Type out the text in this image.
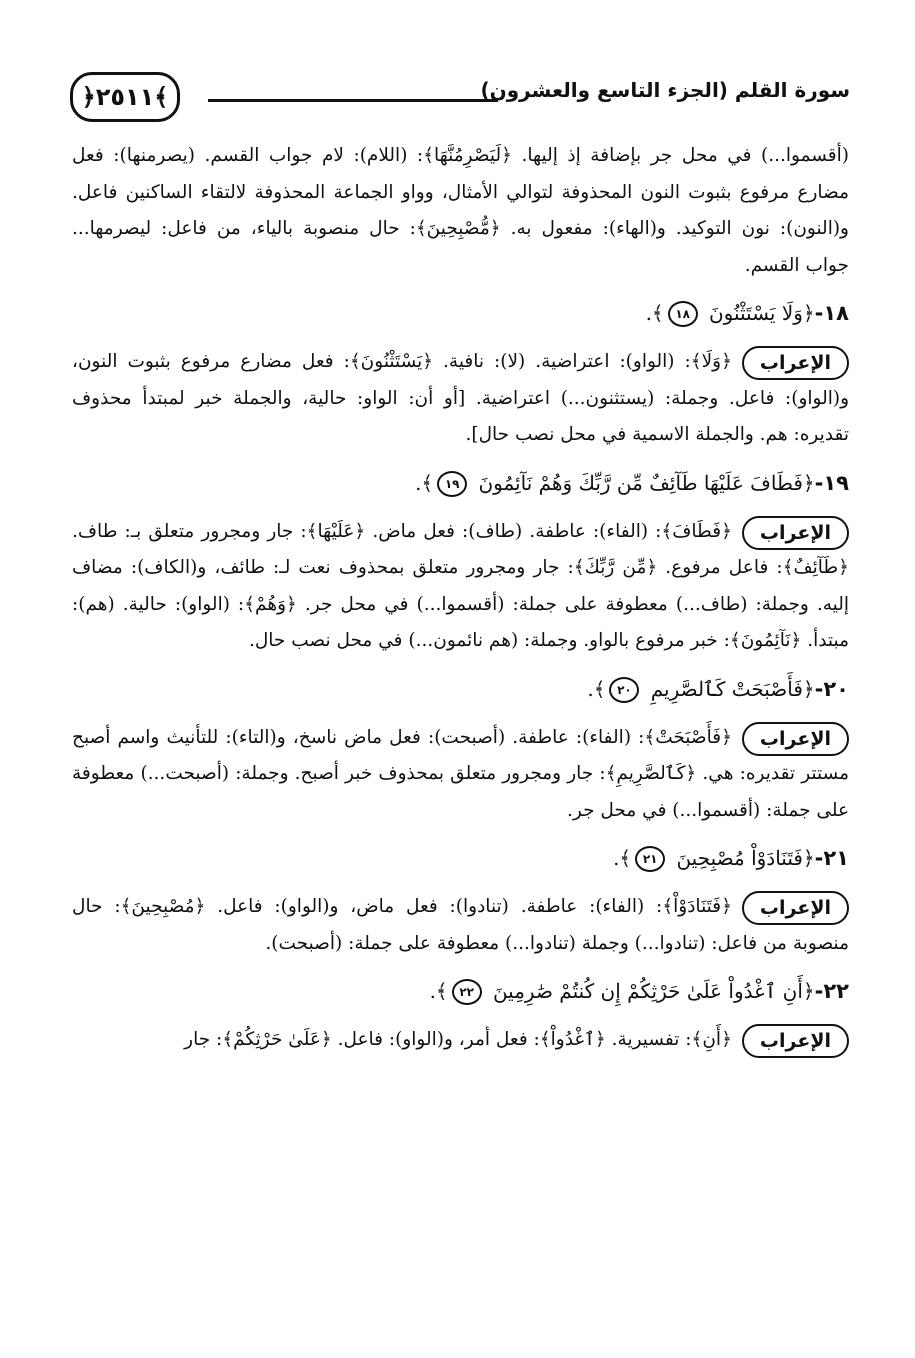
﴿٢٥١١﴾	سورة القلم (الجزء التاسع والعشرون)

(أقسموا...) في محل جر بإضافة إذ إليها. ﴿لَيَصْرِمُنَّهَا﴾: (اللام): لام جواب القسم. (يصرمنها): فعل مضارع مرفوع بثبوت النون المحذوفة لتوالي الأمثال، وواو الجماعة المحذوفة لالتقاء الساكنين فاعل. و(النون): نون التوكيد. و(الهاء): مفعول به. ﴿مُّصْبِحِينَ﴾: حال منصوبة بالياء، من فاعل: ليصرمها... جواب القسم.

١٨-﴿وَلَا يَسْتَثْنُونَ ١٨﴾.
الإعراب

﴿وَلَا﴾: (الواو): اعتراضية. (لا): نافية. ﴿يَسْتَثْنُونَ﴾: فعل مضارع مرفوع بثبوت النون، و(الواو): فاعل. وجملة: (يستثنون...) اعتراضية. [أو أن: الواو: حالية، والجملة خبر لمبتدأ محذوف تقديره: هم. والجملة الاسمية في محل نصب حال].

١٩-﴿فَطَافَ عَلَيْهَا طَآئِفٌ مِّن رَّبِّكَ وَهُمْ نَآئِمُونَ ١٩﴾.
الإعراب

﴿فَطَافَ﴾: (الفاء): عاطفة. (طاف): فعل ماض. ﴿عَلَيْهَا﴾: جار ومجرور متعلق بـ: طاف. ﴿طَآئِفٌ﴾: فاعل مرفوع. ﴿مِّن رَّبِّكَ﴾: جار ومجرور متعلق بمحذوف نعت لـ: طائف، و(الكاف): مضاف إليه. وجملة: (طاف...) معطوفة على جملة: (أقسموا...) في محل جر. ﴿وَهُمْ﴾: (الواو): حالية. (هم): مبتدأ. ﴿نَآئِمُونَ﴾: خبر مرفوع بالواو. وجملة: (هم نائمون...) في محل نصب حال.

٢٠-﴿فَأَصْبَحَتْ كَٱلصَّرِيمِ ٢٠﴾.
الإعراب

﴿فَأَصْبَحَتْ﴾: (الفاء): عاطفة. (أصبحت): فعل ماض ناسخ، و(التاء): للتأنيث واسم أصبح مستتر تقديره: هي. ﴿كَٱلصَّرِيمِ﴾: جار ومجرور متعلق بمحذوف خبر أصبح. وجملة: (أصبحت...) معطوفة على جملة: (أقسموا...) في محل جر.

٢١-﴿فَتَنَادَوْاْ مُصْبِحِينَ ٢١﴾.
الإعراب

﴿فَتَنَادَوْاْ﴾: (الفاء): عاطفة. (تنادوا): فعل ماض، و(الواو): فاعل. ﴿مُصْبِحِينَ﴾: حال منصوبة من فاعل: (تنادوا...) وجملة (تنادوا...) معطوفة على جملة: (أصبحت).

٢٢-﴿أَنِ ٱغْدُواْ عَلَىٰ حَرْثِكُمْ إِن كُنتُمْ صَٰرِمِينَ ٢٢﴾.
الإعراب

﴿أَنِ﴾: تفسيرية. ﴿ٱغْدُواْ﴾: فعل أمر، و(الواو): فاعل. ﴿عَلَىٰ حَرْثِكُمْ﴾: جار
